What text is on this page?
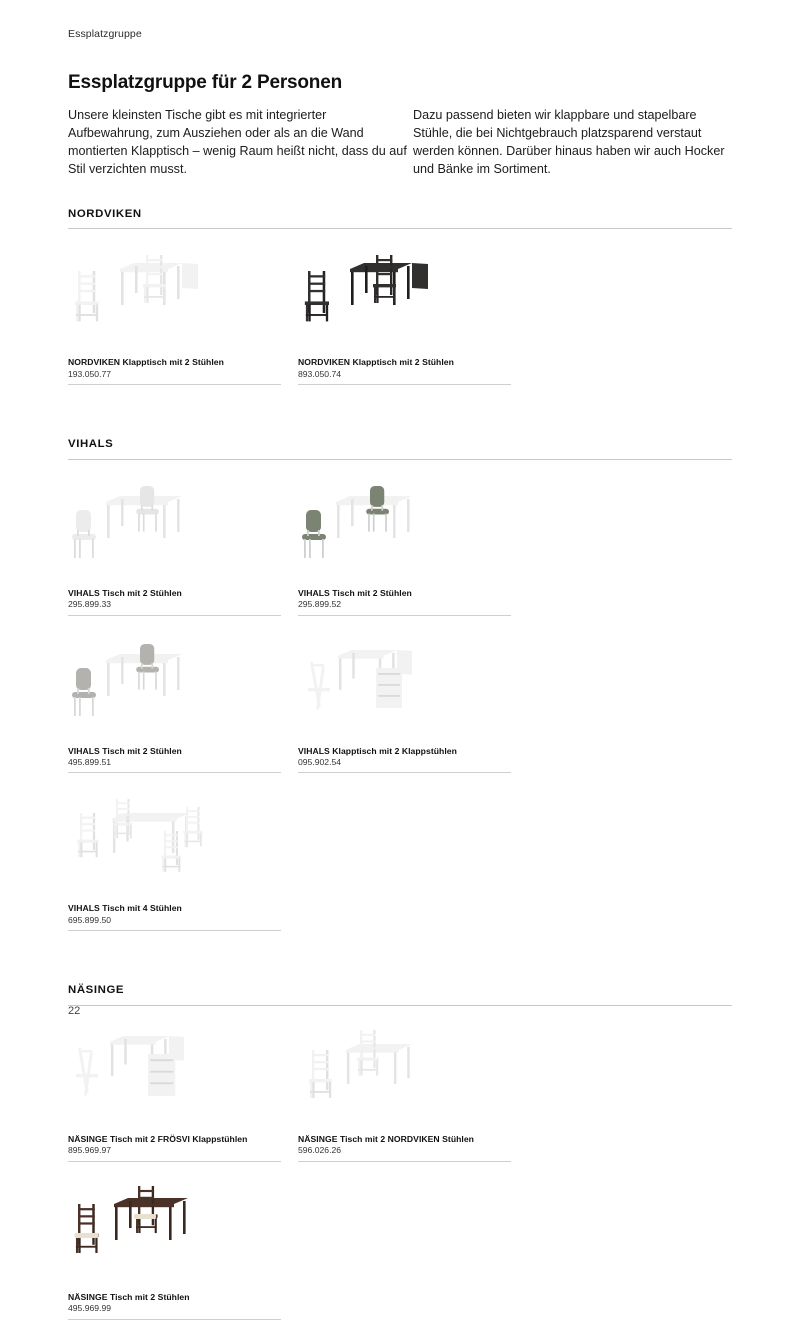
Essplatzgruppe
Essplatzgruppe für 2 Personen
Unsere kleinsten Tische gibt es mit integrierter Aufbewahrung, zum Ausziehen oder als an die Wand montierten Klapptisch – wenig Raum heißt nicht, dass du auf Stil verzichten musst.
Dazu passend bieten wir klappbare und stapelbare Stühle, die bei Nichtgebrauch platzsparend verstaut werden können. Darüber hinaus haben wir auch Hocker und Bänke im Sortiment.
NORDVIKEN
NORDVIKEN Klapptisch mit 2 Stühlen
193.050.77
NORDVIKEN Klapptisch mit 2 Stühlen
893.050.74
VIHALS
VIHALS Tisch mit 2 Stühlen
295.899.33
VIHALS Tisch mit 2 Stühlen
295.899.52
VIHALS Tisch mit 2 Stühlen
495.899.51
VIHALS Klapptisch mit 2 Klappstühlen
095.902.54
VIHALS Tisch mit 4 Stühlen
695.899.50
NÄSINGE
NÄSINGE Tisch mit 2 FRÖSVI Klappstühlen
895.969.97
NÄSINGE Tisch mit 2 NORDVIKEN Stühlen
596.026.26
NÄSINGE Tisch mit 2 Stühlen
495.969.99
22
